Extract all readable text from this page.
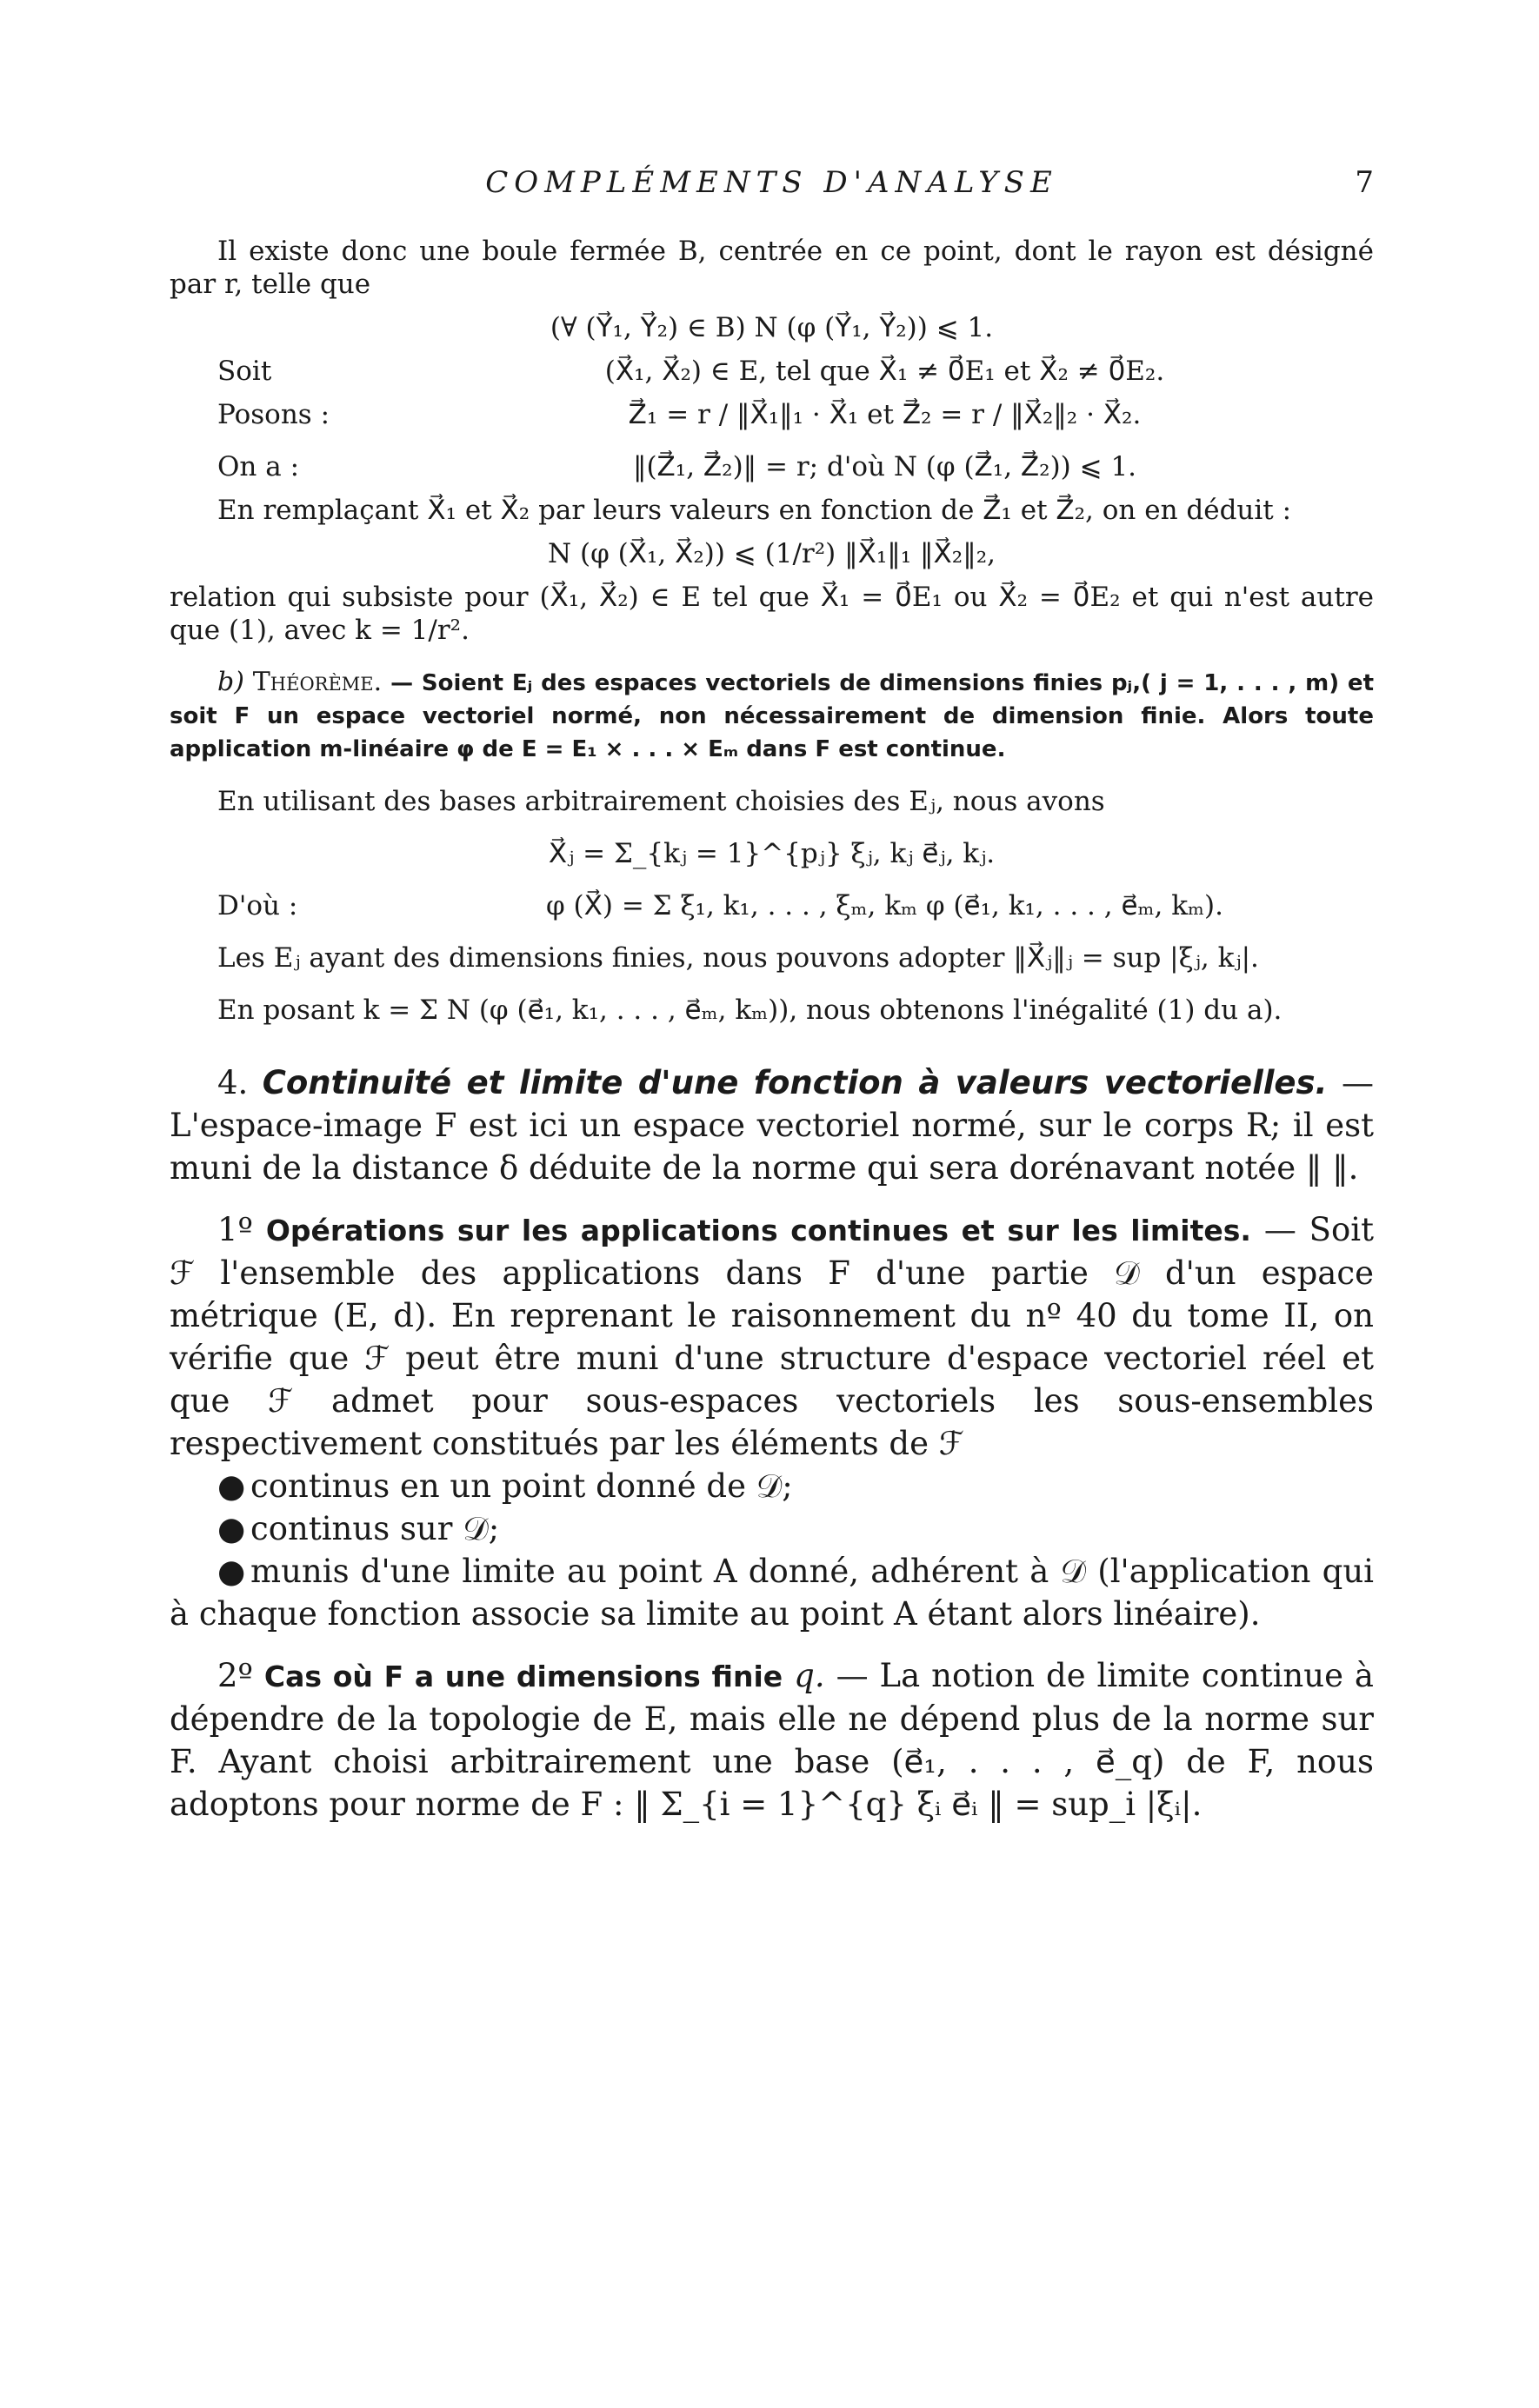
COMPLÉMENTS D'ANALYSE	7

Il existe donc une boule fermée B, centrée en ce point, dont le rayon est désigné par r, telle que

(∀ (Y⃗₁, Y⃗₂) ∈ B) N (φ (Y⃗₁, Y⃗₂)) ⩽ 1.

Soit	(X⃗₁, X⃗₂) ∈ E, tel que X⃗₁ ≠ 0⃗E₁ et X⃗₂ ≠ 0⃗E₂.
Posons :	Z⃗₁ = r / ‖X⃗₁‖₁ · X⃗₁ et Z⃗₂ = r / ‖X⃗₂‖₂ · X⃗₂.
On a :	‖(Z⃗₁, Z⃗₂)‖ = r; d'où N (φ (Z⃗₁, Z⃗₂)) ⩽ 1.

En remplaçant X⃗₁ et X⃗₂ par leurs valeurs en fonction de Z⃗₁ et Z⃗₂, on en déduit :

N (φ (X⃗₁, X⃗₂)) ⩽ (1/r²) ‖X⃗₁‖₁ ‖X⃗₂‖₂,

relation qui subsiste pour (X⃗₁, X⃗₂) ∈ E tel que X⃗₁ = 0⃗E₁ ou X⃗₂ = 0⃗E₂ et qui n'est autre que (1), avec k = 1/r².

b) Théorème. — Soient Eⱼ des espaces vectoriels de dimensions finies pⱼ,( j = 1, . . . , m) et soit F un espace vectoriel normé, non nécessairement de dimension finie. Alors toute application m-linéaire φ de E = E₁ × . . . × Eₘ dans F est continue.

En utilisant des bases arbitrairement choisies des Eⱼ, nous avons

X⃗ⱼ = Σ_{kⱼ = 1}^{pⱼ} ξⱼ, kⱼ e⃗ⱼ, kⱼ.

D'où :	φ (X⃗) = Σ ξ₁, k₁, . . . , ξₘ, kₘ φ (e⃗₁, k₁, . . . , e⃗ₘ, kₘ).

Les Eⱼ ayant des dimensions finies, nous pouvons adopter ‖X⃗ⱼ‖ⱼ = sup |ξⱼ, kⱼ|.

En posant k = Σ N (φ (e⃗₁, k₁, . . . , e⃗ₘ, kₘ)), nous obtenons l'inégalité (1) du a).

4. Continuité et limite d'une fonction à valeurs vectorielles. — L'espace-image F est ici un espace vectoriel normé, sur le corps R; il est muni de la distance δ déduite de la norme qui sera dorénavant notée ‖ ‖.

1º Opérations sur les applications continues et sur les limites. — Soit ℱ l'ensemble des applications dans F d'une partie 𝒟 d'un espace métrique (E, d). En reprenant le raisonnement du nº 40 du tome II, on vérifie que ℱ peut être muni d'une structure d'espace vectoriel réel et que ℱ admet pour sous-espaces vectoriels les sous-ensembles respectivement constitués par les éléments de ℱ

● continus en un point donné de 𝒟;

● continus sur 𝒟;

● munis d'une limite au point A donné, adhérent à 𝒟 (l'application qui à chaque fonction associe sa limite au point A étant alors linéaire).

2º Cas où F a une dimensions finie q. — La notion de limite continue à dépendre de la topologie de E, mais elle ne dépend plus de la norme sur F. Ayant choisi arbitrairement une base (e⃗₁, . . . , e⃗_q) de F, nous adoptons pour norme de F : ‖ Σ_{i = 1}^{q} ξᵢ e⃗ᵢ ‖ = sup_i |ξᵢ|.
